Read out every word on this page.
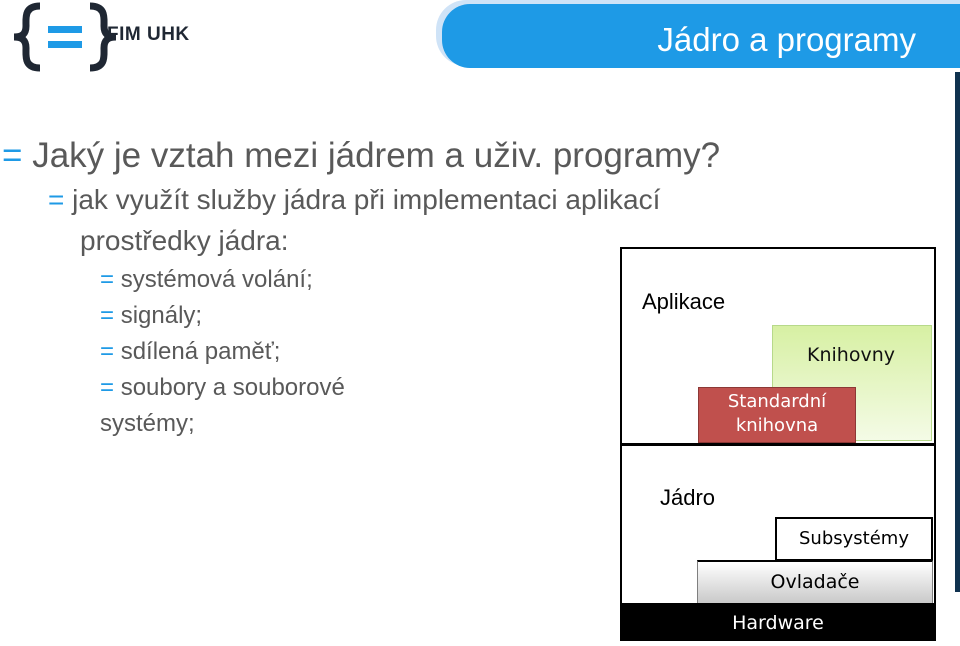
FIM UHK	Jádro a programy
= Jaký je vztah mezi jádrem a uživ. programy?
= jak využít služby jádra při implementaci aplikací
prostředky jádra:
= systémová volání;
= signály;
= sdílená paměť;
= soubory a souborové
systémy;
Aplikace
Knihovny
Standardní
knihovna
Jádro
Subsystémy
Ovladače
Hardware
